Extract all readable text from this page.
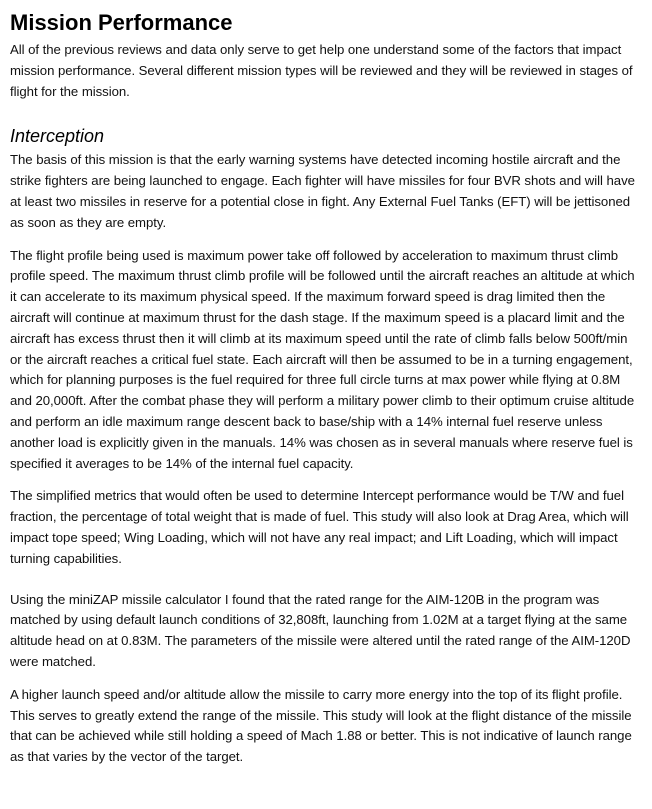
Mission Performance

All of the previous reviews and data only serve to get help one understand some of the factors that impact mission performance. Several different mission types will be reviewed and they will be reviewed in stages of flight for the mission.

Interception

The basis of this mission is that the early warning systems have detected incoming hostile aircraft and the strike fighters are being launched to engage. Each fighter will have missiles for four BVR shots and will have at least two missiles in reserve for a potential close in fight. Any External Fuel Tanks (EFT) will be jettisoned as soon as they are empty.

The flight profile being used is maximum power take off followed by acceleration to maximum thrust climb profile speed. The maximum thrust climb profile will be followed until the aircraft reaches an altitude at which it can accelerate to its maximum physical speed. If the maximum forward speed is drag limited then the aircraft will continue at maximum thrust for the dash stage. If the maximum speed is a placard limit and the aircraft has excess thrust then it will climb at its maximum speed until the rate of climb falls below 500ft/min or the aircraft reaches a critical fuel state. Each aircraft will then be assumed to be in a turning engagement, which for planning purposes is the fuel required for three full circle turns at max power while flying at 0.8M and 20,000ft. After the combat phase they will perform a military power climb to their optimum cruise altitude and perform an idle maximum range descent back to base/ship with a 14% internal fuel reserve unless another load is explicitly given in the manuals. 14% was chosen as in several manuals where reserve fuel is specified it averages to be 14% of the internal fuel capacity.

The simplified metrics that would often be used to determine Intercept performance would be T/W and fuel fraction, the percentage of total weight that is made of fuel. This study will also look at Drag Area, which will impact tope speed; Wing Loading, which will not have any real impact; and Lift Loading, which will impact turning capabilities.

Using the miniZAP missile calculator I found that the rated range for the AIM-120B in the program was matched by using default launch conditions of 32,808ft, launching from 1.02M at a target flying at the same altitude head on at 0.83M. The parameters of the missile were altered until the rated range of the AIM-120D were matched.

A higher launch speed and/or altitude allow the missile to carry more energy into the top of its flight profile. This serves to greatly extend the range of the missile. This study will look at the flight distance of the missile that can be achieved while still holding a speed of Mach 1.88 or better. This is not indicative of launch range as that varies by the vector of the target.
